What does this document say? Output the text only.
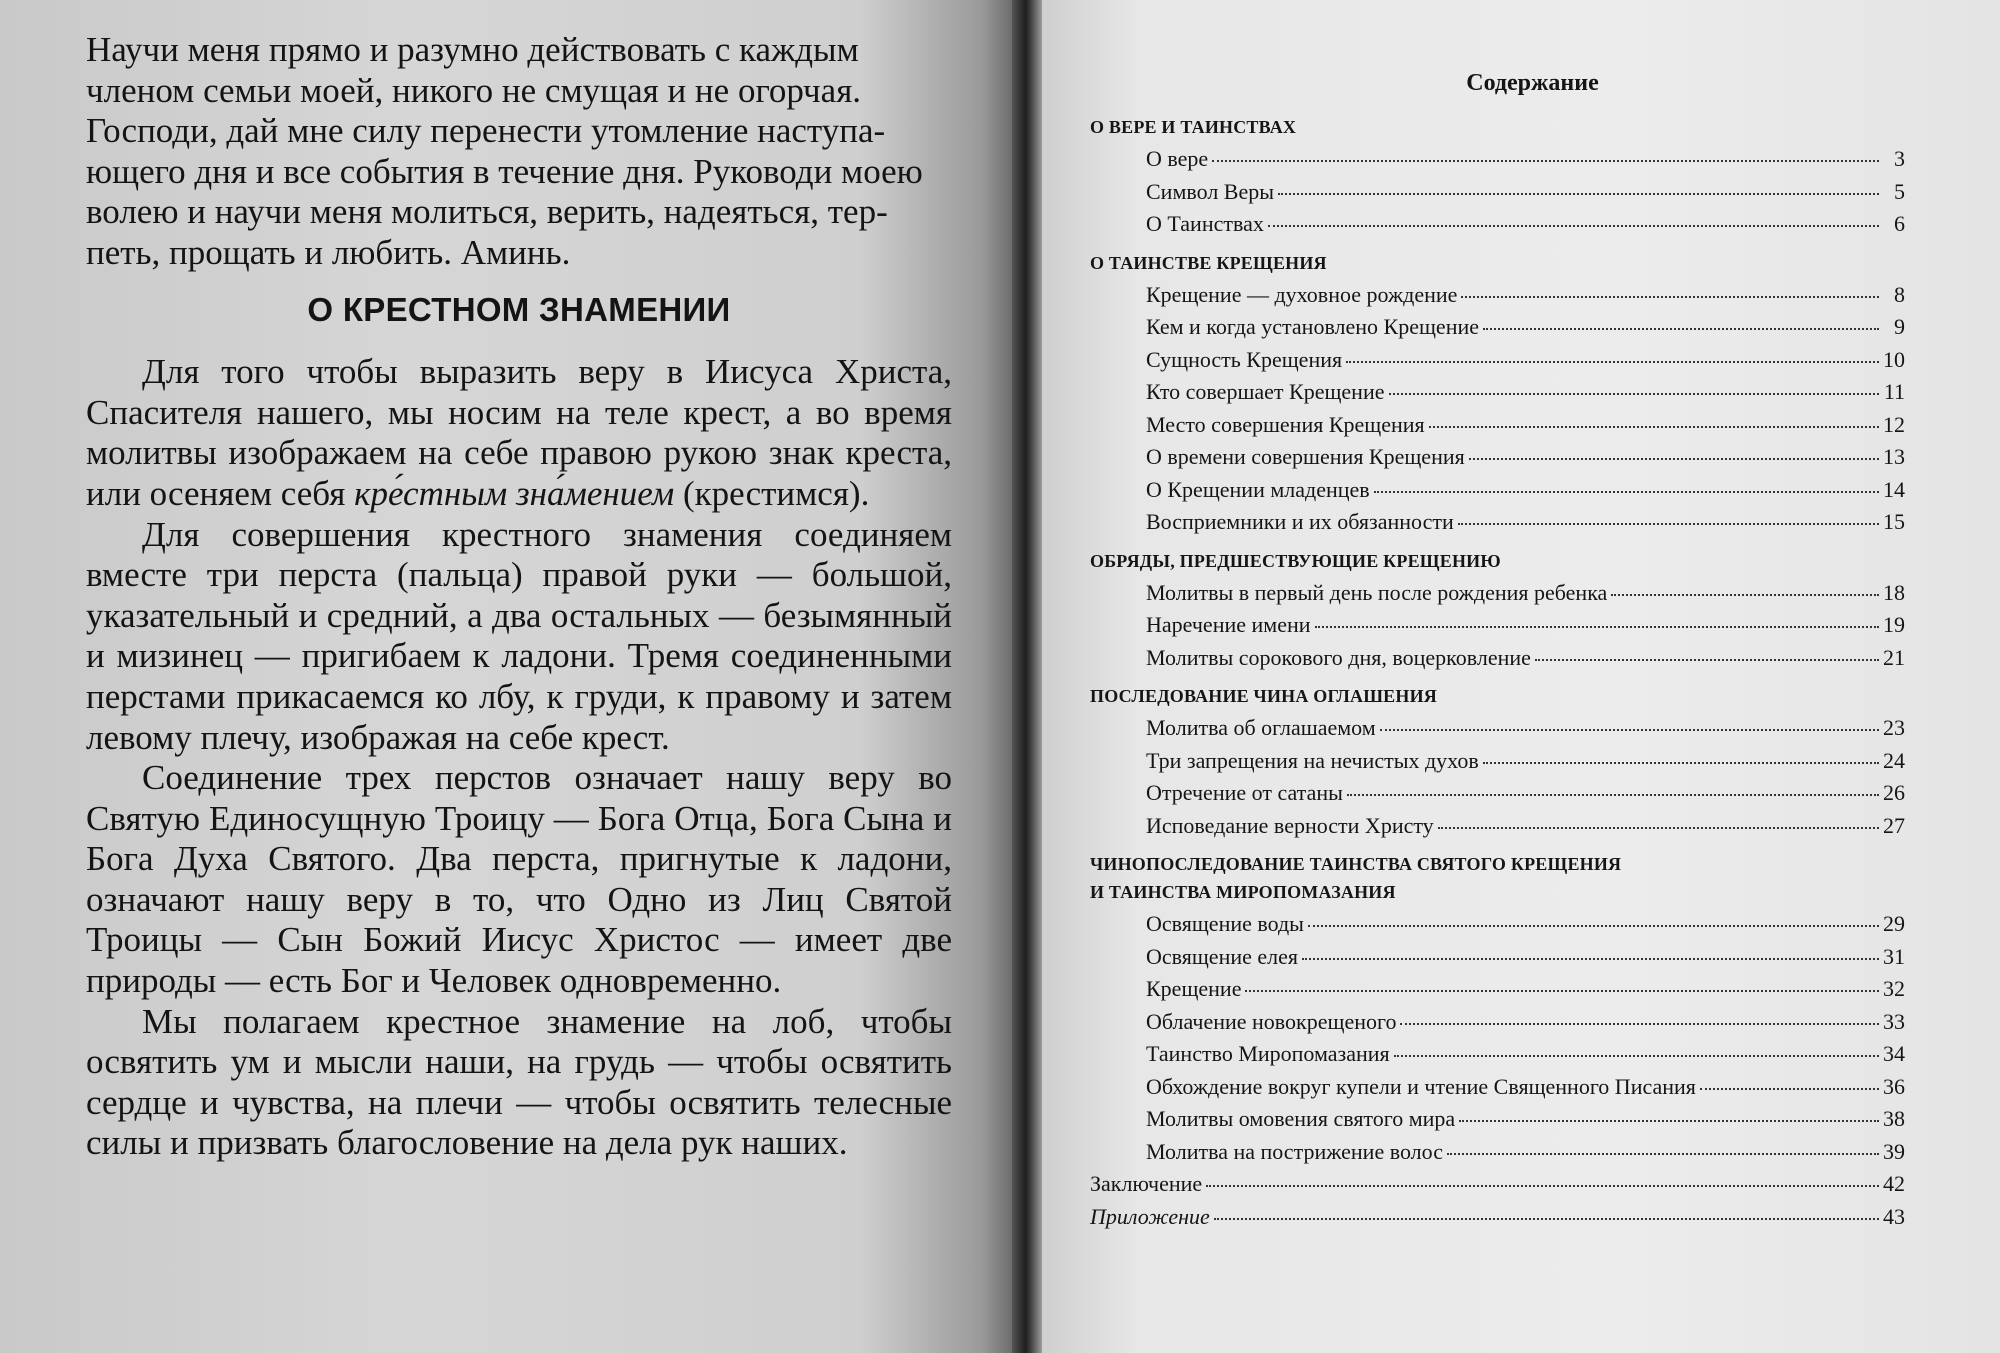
Научи меня прямо и разумно действовать с каждым
членом семьи моей, никого не смущая и не огорчая.
Господи, дай мне силу перенести утомление наступа-
ющего дня и все события в течение дня. Руководи моею
волею и научи меня молиться, верить, надеяться, тер-
петь, прощать и любить. Аминь.

О КРЕСТНОМ ЗНАМЕНИИ

Для того чтобы выразить веру в Иисуса Христа, Спасителя нашего, мы носим на теле крест, а во время молитвы изображаем на себе правою рукою знак креста, или осеняем себя кре́стным зна́мением (крестимся).

Для совершения крестного знамения соединяем вместе три перста (пальца) правой руки — большой, указательный и средний, а два остальных — безымянный и мизинец — пригибаем к ладони. Тремя соединенными перстами прикасаемся ко лбу, к груди, к правому и затем левому плечу, изображая на себе крест.

Соединение трех перстов означает нашу веру во Святую Единосущную Троицу — Бога Отца, Бога Сына и Бога Духа Святого. Два перста, пригнутые к ладони, означают нашу веру в то, что Одно из Лиц Святой Троицы — Сын Божий Иисус Христос — имеет две природы — есть Бог и Человек одновременно.

Мы полагаем крестное знамение на лоб, чтобы освятить ум и мысли наши, на грудь — чтобы освятить сердце и чувства, на плечи — чтобы освятить телесные силы и призвать благословение на дела рук наших.

Содержание
О ВЕРЕ И ТАИНСТВАХ
О вере	3
Символ Веры	5
О Таинствах	6
О ТАИНСТВЕ КРЕЩЕНИЯ
Крещение — духовное рождение	8
Кем и когда установлено Крещение	9
Сущность Крещения	10
Кто совершает Крещение	11
Место совершения Крещения	12
О времени совершения Крещения	13
О Крещении младенцев	14
Восприемники и их обязанности	15
ОБРЯДЫ, ПРЕДШЕСТВУЮЩИЕ КРЕЩЕНИЮ
Молитвы в первый день после рождения ребенка	18
Наречение имени	19
Молитвы сорокового дня, воцерковление	21
ПОСЛЕДОВАНИЕ ЧИНА ОГЛАШЕНИЯ
Молитва об оглашаемом	23
Три запрещения на нечистых духов	24
Отречение от сатаны	26
Исповедание верности Христу	27
ЧИНОПОСЛЕДОВАНИЕ ТАИНСТВА СВЯТОГО КРЕЩЕНИЯ
И ТАИНСТВА МИРОПОМАЗАНИЯ
Освящение воды	29
Освящение елея	31
Крещение	32
Облачение новокрещеного	33
Таинство Миропомазания	34
Обхождение вокруг купели и чтение Священного Писания	36
Молитвы омовения святого мира	38
Молитва на пострижение волос	39
Заключение	42
Приложение	43
